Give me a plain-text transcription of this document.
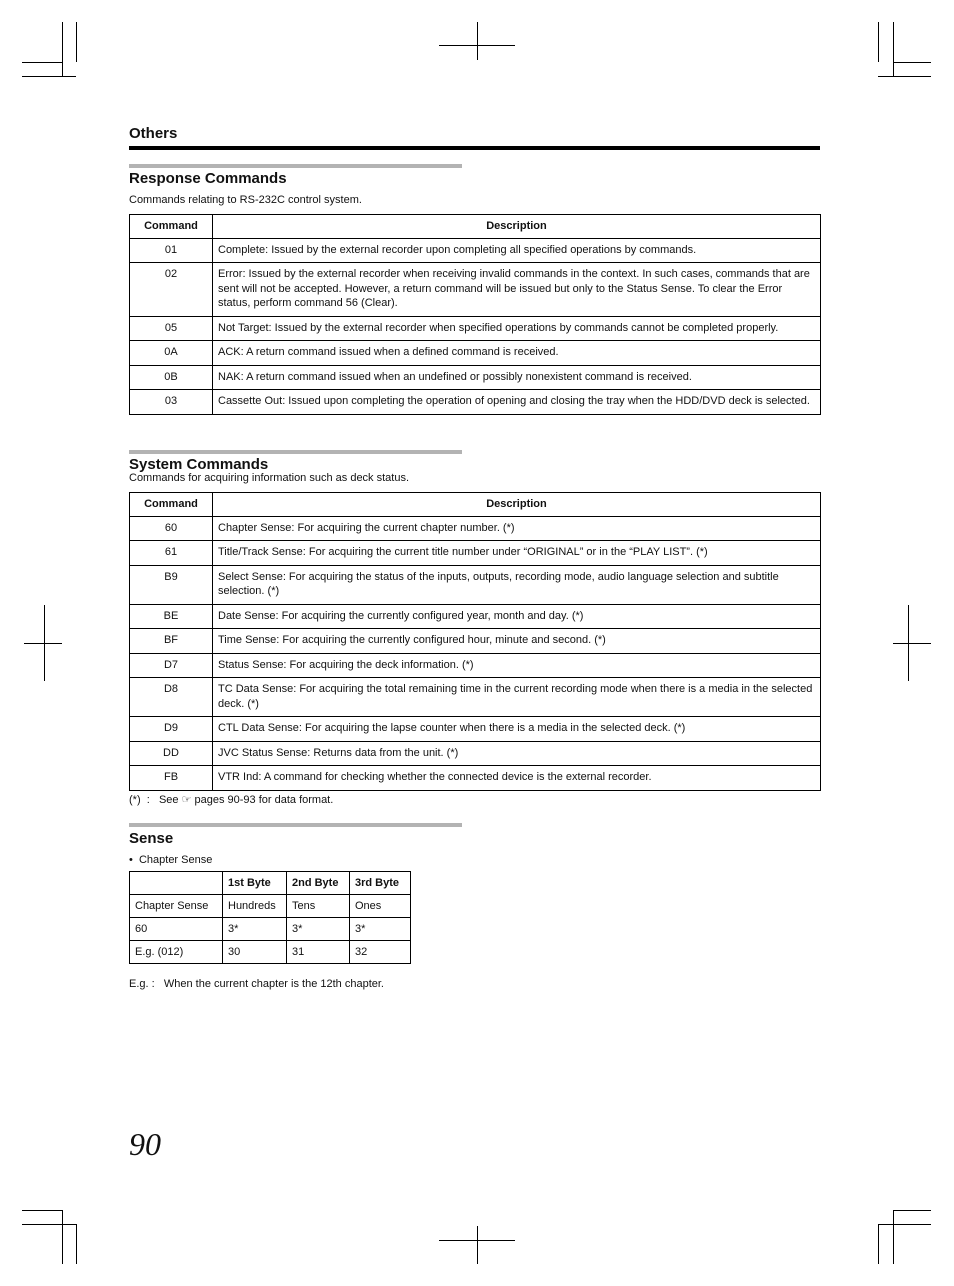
Others
Response Commands
Commands relating to RS-232C control system.
Command	Description
01	Complete: Issued by the external recorder upon completing all specified operations by commands.
02	Error: Issued by the external recorder when receiving invalid commands in the context. In such cases, commands that are sent will not be accepted. However, a return command will be issued but only to the Status Sense. To clear the Error status, perform command 56 (Clear).
05	Not Target: Issued by the external recorder when specified operations by commands cannot be completed properly.
0A	ACK: A return command issued when a defined command is received.
0B	NAK: A return command issued when an undefined or possibly nonexistent command is received.
03	Cassette Out: Issued upon completing the operation of opening and closing the tray when the HDD/DVD deck is selected.
System Commands
Commands for acquiring information such as deck status.
Command	Description
60	Chapter Sense: For acquiring the current chapter number. (*)
61	Title/Track Sense: For acquiring the current title number under “ORIGINAL” or in the “PLAY LIST”. (*)
B9	Select Sense: For acquiring the status of the inputs, outputs, recording mode, audio language selection and subtitle selection. (*)
BE	Date Sense: For acquiring the currently configured year, month and day. (*)
BF	Time Sense: For acquiring the currently configured hour, minute and second. (*)
D7	Status Sense: For acquiring the deck information. (*)
D8	TC Data Sense: For acquiring the total remaining time in the current recording mode when there is a media in the selected deck. (*)
D9	CTL Data Sense: For acquiring the lapse counter when there is a media in the selected deck. (*)
DD	JVC Status Sense: Returns data from the unit. (*)
FB	VTR Ind: A command for checking whether the connected device is the external recorder.
(*)  :   See ☞ pages 90-93 for data format.
Sense
•  Chapter Sense
	1st Byte	2nd Byte	3rd Byte
Chapter Sense	Hundreds	Tens	Ones
60	3*	3*	3*
E.g. (012)	30	31	32
E.g. :   When the current chapter is the 12th chapter.
90
